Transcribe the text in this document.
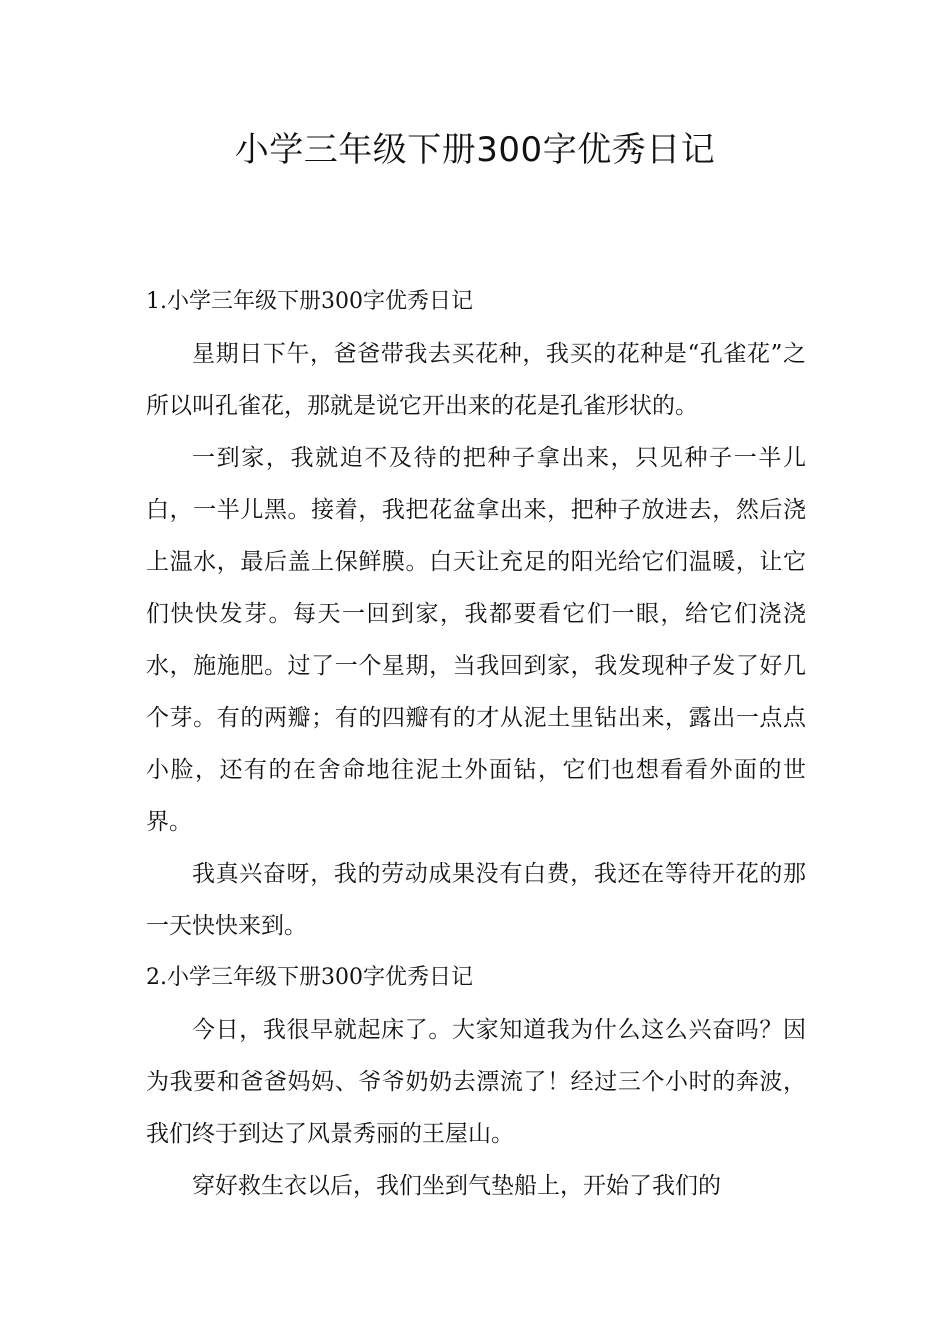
小学三年级下册300字优秀日记

1.小学三年级下册300字优秀日记

星期日下午，爸爸带我去买花种，我买的花种是“孔雀花”之所以叫孔雀花，那就是说它开出来的花是孔雀形状的。

一到家，我就迫不及待的把种子拿出来，只见种子一半儿白，一半儿黑。接着，我把花盆拿出来，把种子放进去，然后浇上温水，最后盖上保鲜膜。白天让充足的阳光给它们温暖，让它们快快发芽。每天一回到家，我都要看它们一眼，给它们浇浇水，施施肥。过了一个星期，当我回到家，我发现种子发了好几个芽。有的两瓣；有的四瓣有的才从泥土里钻出来，露出一点点小脸，还有的在舍命地往泥土外面钻，它们也想看看外面的世界。

我真兴奋呀，我的劳动成果没有白费，我还在等待开花的那一天快快来到。

2.小学三年级下册300字优秀日记

今日，我很早就起床了。大家知道我为什么这么兴奋吗？因为我要和爸爸妈妈、爷爷奶奶去漂流了！经过三个小时的奔波，我们终于到达了风景秀丽的王屋山。

穿好救生衣以后，我们坐到气垫船上，开始了我们的
